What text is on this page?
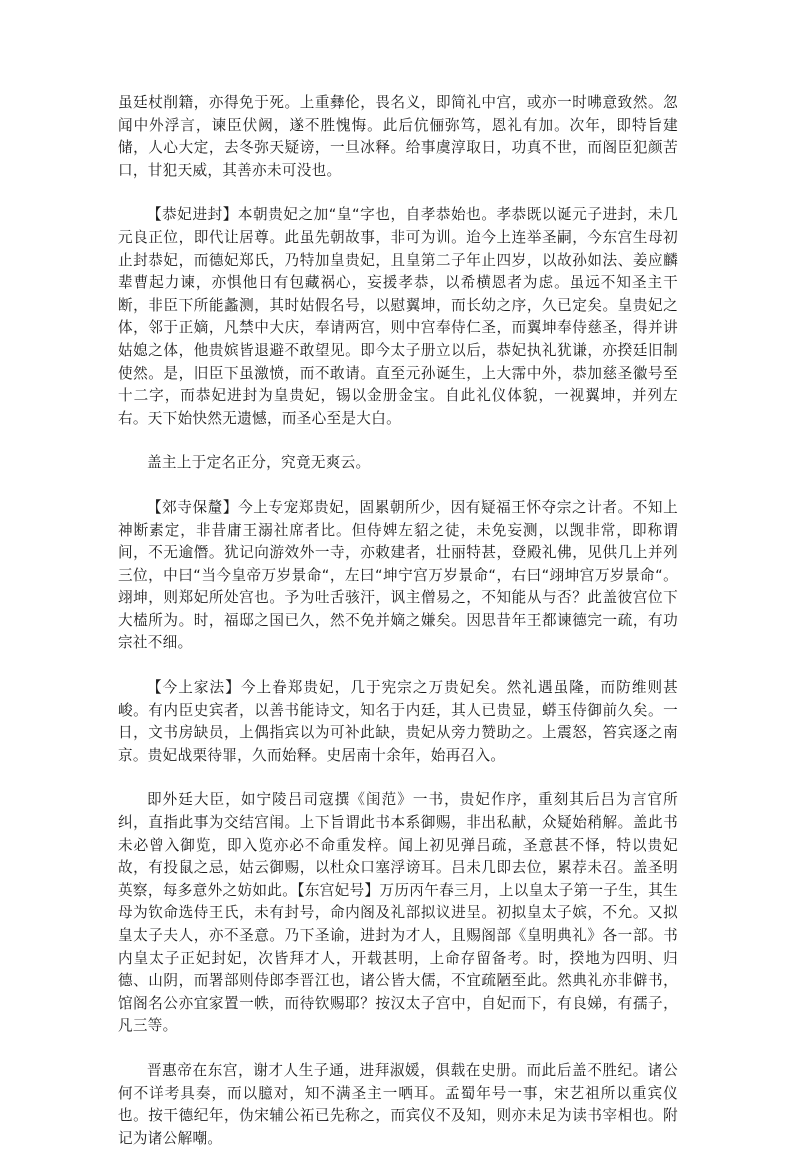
虽廷杖削籍，亦得免于死。上重彝伦，畏名义，即简礼中宫，或亦一时咈意致然。忽闻中外浮言，谏臣伏阙，遂不胜愧悔。此后伉俪弥笃，恩礼有加。次年，即特旨建储，人心大定，去冬弥天疑谤，一旦冰释。给事虞淳取日，功真不世，而阁臣犯颜苦口，甘犯天威，其善亦未可没也。

【恭妃进封】本朝贵妃之加“皇“字也，自孝恭始也。孝恭既以诞元子进封，未几元良正位，即代让居尊。此虽先朝故事，非可为训。迨今上连举圣嗣，今东宫生母初止封恭妃，而德妃郑氏，乃特加皇贵妃，且皇第二子年止四岁，以故孙如法、姜应麟辈曹起力谏，亦惧他日有包藏祸心，妄援孝恭，以希横恩者为虑。虽远不知圣主干断，非臣下所能蠡测，其时姑假名号，以慰翼坤，而长幼之序，久已定矣。皇贵妃之体，邻于正嫡，凡禁中大庆，奉请两宫，则中宫奉侍仁圣，而翼坤奉侍慈圣，得并讲姑媳之体，他贵嫔皆退避不敢望见。即今太子册立以后，恭妃执礼犹谦，亦揆廷旧制使然。是，旧臣下虽激愤，而不敢请。直至元孙诞生，上大霈中外，恭加慈圣徽号至十二字，而恭妃进封为皇贵妃，锡以金册金宝。自此礼仪体貌，一视翼坤，并列左右。天下始快然无遗憾，而圣心至是大白。

盖主上于定名正分，究竟无爽云。

【郊寺保釐】今上专宠郑贵妃，固累朝所少，因有疑福王怀夺宗之计者。不知上神断素定，非昔庸王溺社席者比。但侍婢左貂之徒，未免妄测，以觊非常，即称谓间，不无逾僭。犹记向游效外一寺，亦敕建者，壮丽特甚，登殿礼佛，见供几上并列三位，中曰“当今皇帝万岁景命“，左曰“坤宁宫万岁景命“，右曰“翊坤宫万岁景命“。翊坤，则郑妃所处宫也。予为吐舌骇汗，讽主僧易之，不知能从与否？此盖彼宫位下大榼所为。时，福邸之国已久，然不免并嫡之嫌矣。因思昔年王都谏德完一疏，有功宗社不细。

【今上家法】今上眷郑贵妃，几于宪宗之万贵妃矣。然礼遇虽隆，而防维则甚峻。有内臣史宾者，以善书能诗文，知名于内廷，其人已贵显，蟒玉侍御前久矣。一日，文书房缺员，上偶指宾以为可补此缺，贵妃从旁力赞助之。上震怒，笞宾逐之南京。贵妃战栗待罪，久而始释。史居南十余年，始再召入。

即外廷大臣，如宁陵吕司寇撰《闺范》一书，贵妃作序，重刻其后吕为言官所纠，直指此事为交结宫闱。上下旨谓此书本系御赐，非出私献，众疑始稍解。盖此书未必曾入御览，即入览亦必不命重发梓。闻上初见弹吕疏，圣意甚不怿，特以贵妃故，有投鼠之忌，姑云御赐，以杜众口塞浮谤耳。吕未几即去位，累荐未召。盖圣明英察，每多意外之妨如此。【东宫妃号】万历丙午春三月，上以皇太子第一子生，其生母为钦命选侍王氏，未有封号，命内阁及礼部拟议进呈。初拟皇太子嫔，不允。又拟皇太子夫人，亦不圣意。乃下圣谕，进封为才人，且赐阁部《皇明典礼》各一部。书内皇太子正妃封妃，次皆拜才人，开载甚明，上命存留备考。时，揆地为四明、归德、山阴，而署部则侍郎李晋江也，诸公皆大儒，不宜疏陋至此。然典礼亦非僻书，馆阁名公亦宜家置一帙，而待钦赐耶？按汉太子宫中，自妃而下，有良娣，有孺子，凡三等。

晋惠帝在东宫，谢才人生子通，进拜淑媛，俱载在史册。而此后盖不胜纪。诸公何不详考具奏，而以臆对，知不满圣主一哂耳。孟蜀年号一事，宋艺祖所以重宾仪也。按干德纪年，伪宋辅公祏已先称之，而宾仪不及知，则亦未足为读书宰相也。附记为诸公解嘲。
